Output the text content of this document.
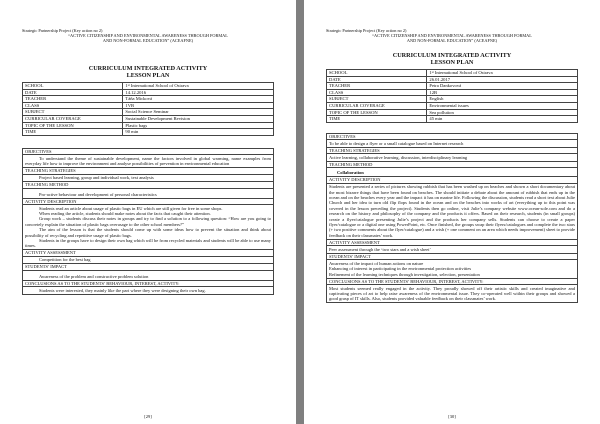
Strategic Partnership Project (Key action no 2)
“ACTIVE CITIZENSHIP AND ENVIRONMENTAL AWARENESS THROUGH FORMAL
AND NON-FORMAL EDUCATION” (ACEAFNE)
CURRICULUM INTEGRATED ACTIVITY
LESSON PLAN
SCHOOL	1st International School of Ostrava
DATE	14.12.2016
TEACHER	Táňa Micková
CLASS	1VB
SUBJECT	Social Science Seminar
CURRICULAR COVERAGE	Sustainable Development Revision
TOPIC OF THE LESSON	Plastic bags
TIME	90 min
OBJECTIVES
To understand the theme of sustainable development, name the factors involved in global warming, name examples from everyday life how to improve the environment and analyse possibilities of prevention in environmental education
TEACHING STRATEGIES
Project based learning, group and individual work, text analysis
TEACHING METHOD
Pro-active behaviour and development of personal characteristics
ACTIVITY DESCRIPTION

Students read an article about usage of plastic bags in EU which are still given for free in some shops.

When reading the article, students should make notes about the facts that caught their attention.

Group work – students discuss their notes in groups and try to find a solution to a following question: “How are you going to concretely explain the situation of plastic bags overusage to the other school members?”

The aim of the lesson is that the students should come up with some ideas how to prevent the situation and think about possibility of recycling and repetitive usage of plastic bags.

Students in the groups have to design their own bag which will be from recycled materials and students will be able to use many times.

ACTIVITY ASSESSMENT
Competition for the best bag
STUDENTS’ IMPACT
Awareness of the problem and constructive problem solution
CONCLUSIONS AS TO THE STUDENTS’ BEHAVIOUR, INTEREST, ACTIVITY:
Students were interested, they mainly like the part where they were designing their own bag.
[29]
Strategic Partnership Project (Key action no 2)
“ACTIVE CITIZENSHIP AND ENVIRONMENTAL AWARENESS THROUGH FORMAL
AND NON-FORMAL EDUCATION” (ACEAFNE)
CURRICULUM INTEGRATED ACTIVITY
LESSON PLAN
SCHOOL	1st International School of Ostrava
DATE	26.01.2017
TEACHER	Petra Dankovová
CLASS	12B
SUBJECT	English
CURRICULAR COVERAGE	Environmental issues
TOPIC OF THE LESSON	Sea pollution
TIME	45 min
OBJECTIVES
To be able to design a flyer or a small catalogue based on Internet research
TEACHING STRATEGIES
Active learning, collaborative learning, discussion, interdisciplinary learning
TEACHING METHOD
Collaboration
ACTIVITY DESCRIPTION
Students are presented a series of pictures showing rubbish that has been washed up on beaches and shown a short documentary about the most bizarre things that have been found on beaches. The should initiate a debate about the amount of rubbish that ends up in the ocean and on the beaches every year and the impact it has on marine life. Following the discussion, students read a short text about Julie Church and her idea to turn old flip flops found in the ocean and on the beaches into works of art (everything up to this point was covered in the lesson preceding the project). Students then go online, visit Julie’s company website www.ocean-sole.com and do a research on the history and philosophy of the company and the products it offers. Based on their research, students (in small groups) create a flyer/catalogue presenting Julie’s project and the products her company sells. Students can choose to create a paper flyer/catalogue or a digital one using PowerPoint, etc. Once finished, the groups swap their flyers/catalogues and complete the two stars (+ two positive comments about the flyer/catalogue) and a wish (+ one comment on an area which needs improvement) sheet to provide feedback on their classmates’ work.
ACTIVITY ASSESSMENT
Peer assessment through the ‘two stars and a wish sheet’
STUDENTS’ IMPACT

Awareness of the impact of human actions on nature

Enhancing of interest in participating in the environmental protection activities

Refinement of the learning techniques through investigation, selection, presentation

CONCLUSIONS AS TO THE STUDENTS’ BEHAVIOUR, INTEREST, ACTIVITY:
Most students seemed really engaged in the activity. They proudly showed off their artistic skills and created imaginative and captivating pieces of art to help raise awareness of the environmental issue. They co-operated well within their groups and showed a good grasp of IT skills. Also, students provided valuable feedback on their classmates’ work.
[30]
